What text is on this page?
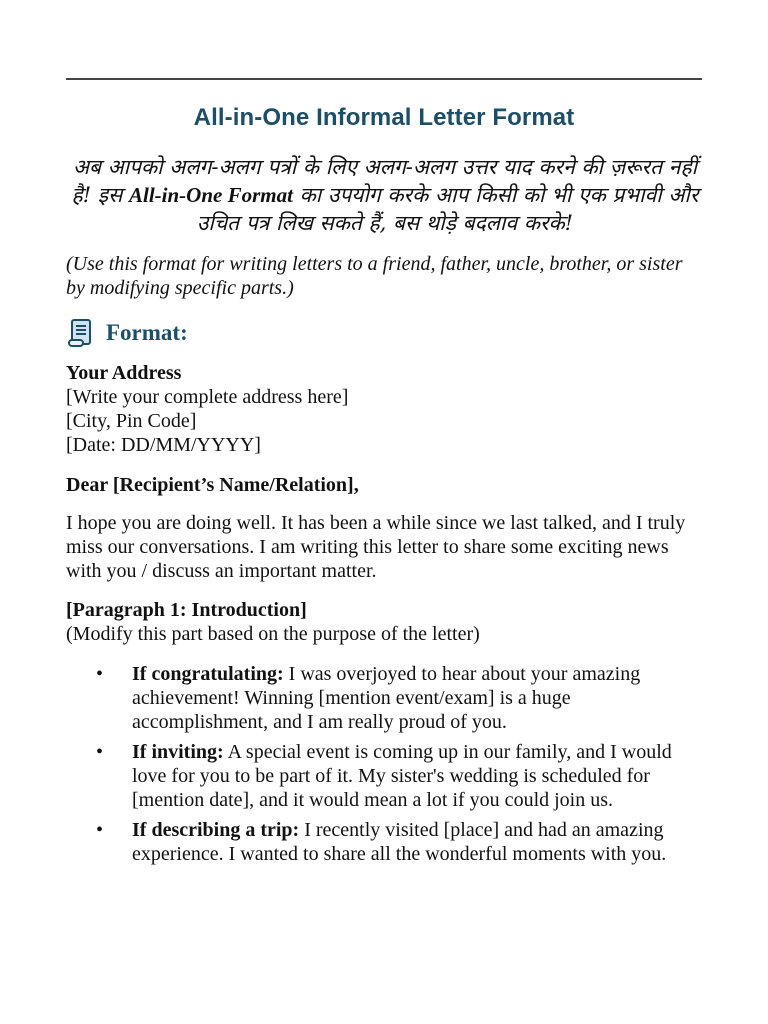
All-in-One Informal Letter Format
अब आपको अलग-अलग पत्रों के लिए अलग-अलग उत्तर याद करने की ज़रूरत नहीं है! इस All-in-One Format का उपयोग करके आप किसी को भी एक प्रभावी और उचित पत्र लिख सकते हैं, बस थोड़े बदलाव करके!
(Use this format for writing letters to a friend, father, uncle, brother, or sister by modifying specific parts.)
Format:
Your Address
[Write your complete address here]
[City, Pin Code]
[Date: DD/MM/YYYY]
Dear [Recipient’s Name/Relation],
I hope you are doing well. It has been a while since we last talked, and I truly miss our conversations. I am writing this letter to share some exciting news with you / discuss an important matter.
[Paragraph 1: Introduction]
(Modify this part based on the purpose of the letter)
• If congratulating: I was overjoyed to hear about your amazing achievement! Winning [mention event/exam] is a huge accomplishment, and I am really proud of you.
• If inviting: A special event is coming up in our family, and I would love for you to be part of it. My sister's wedding is scheduled for [mention date], and it would mean a lot if you could join us.
• If describing a trip: I recently visited [place] and had an amazing experience. I wanted to share all the wonderful moments with you.
